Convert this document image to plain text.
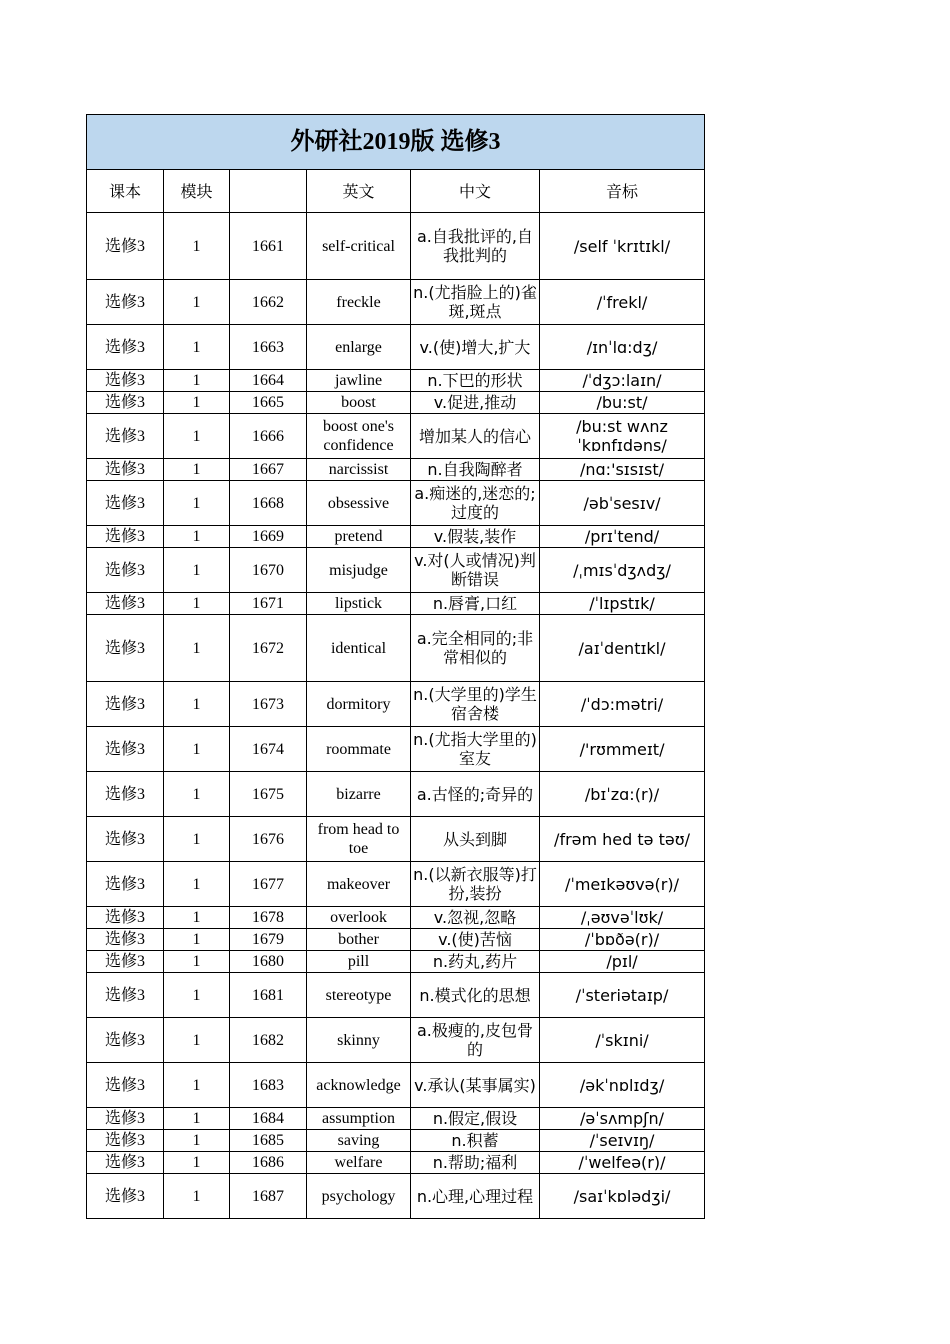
外研社2019版 选修3					
课本	模块		英文	中文	音标
选修3	1	1661	self-critical	a.自我批评的,自我批判的	/self ˈkrɪtɪkl/
选修3	1	1662	freckle	n.(尤指脸上的)雀斑,斑点	/ˈfrekl/
选修3	1	1663	enlarge	v.(使)增大,扩大	/ɪnˈlɑ:dʒ/
选修3	1	1664	jawline	n.下巴的形状	/ˈdʒɔ:laɪn/
选修3	1	1665	boost	v.促进,推动	/bu:st/
选修3	1	1666	boost one's confidence	增加某人的信心	/bu:st wʌnz ˈkɒnfɪdəns/
选修3	1	1667	narcissist	n.自我陶醉者	/nɑ:'sɪsɪst/
选修3	1	1668	obsessive	a.痴迷的,迷恋的;过度的	/əbˈsesɪv/
选修3	1	1669	pretend	v.假装,装作	/prɪˈtend/
选修3	1	1670	misjudge	v.对(人或情况)判断错误	/ˌmɪsˈdʒʌdʒ/
选修3	1	1671	lipstick	n.唇膏,口红	/ˈlɪpstɪk/
选修3	1	1672	identical	a.完全相同的;非常相似的	/aɪˈdentɪkl/
选修3	1	1673	dormitory	n.(大学里的)学生宿舍楼	/ˈdɔ:mətri/
选修3	1	1674	roommate	n.(尤指大学里的)室友	/'rʊmmeɪt/
选修3	1	1675	bizarre	a.古怪的;奇异的	/bɪˈzɑ:(r)/
选修3	1	1676	from head to toe	从头到脚	/frəm hed tə təʊ/
选修3	1	1677	makeover	n.(以新衣服等)打扮,装扮	/ˈmeɪkəʊvə(r)/
选修3	1	1678	overlook	v.忽视,忽略	/ˌəʊvəˈlʊk/
选修3	1	1679	bother	v.(使)苦恼	/ˈbɒðə(r)/
选修3	1	1680	pill	n.药丸,药片	/pɪl/
选修3	1	1681	stereotype	n.模式化的思想	/ˈsteriətaɪp/
选修3	1	1682	skinny	a.极瘦的,皮包骨的	/ˈskɪni/
选修3	1	1683	acknowledge	v.承认(某事属实)	/əkˈnɒlɪdʒ/
选修3	1	1684	assumption	n.假定,假设	/əˈsʌmpʃn/
选修3	1	1685	saving	n.积蓄	/ˈseɪvɪŋ/
选修3	1	1686	welfare	n.帮助;福利	/ˈwelfeə(r)/
选修3	1	1687	psychology	n.心理,心理过程	/saɪˈkɒlədʒi/
